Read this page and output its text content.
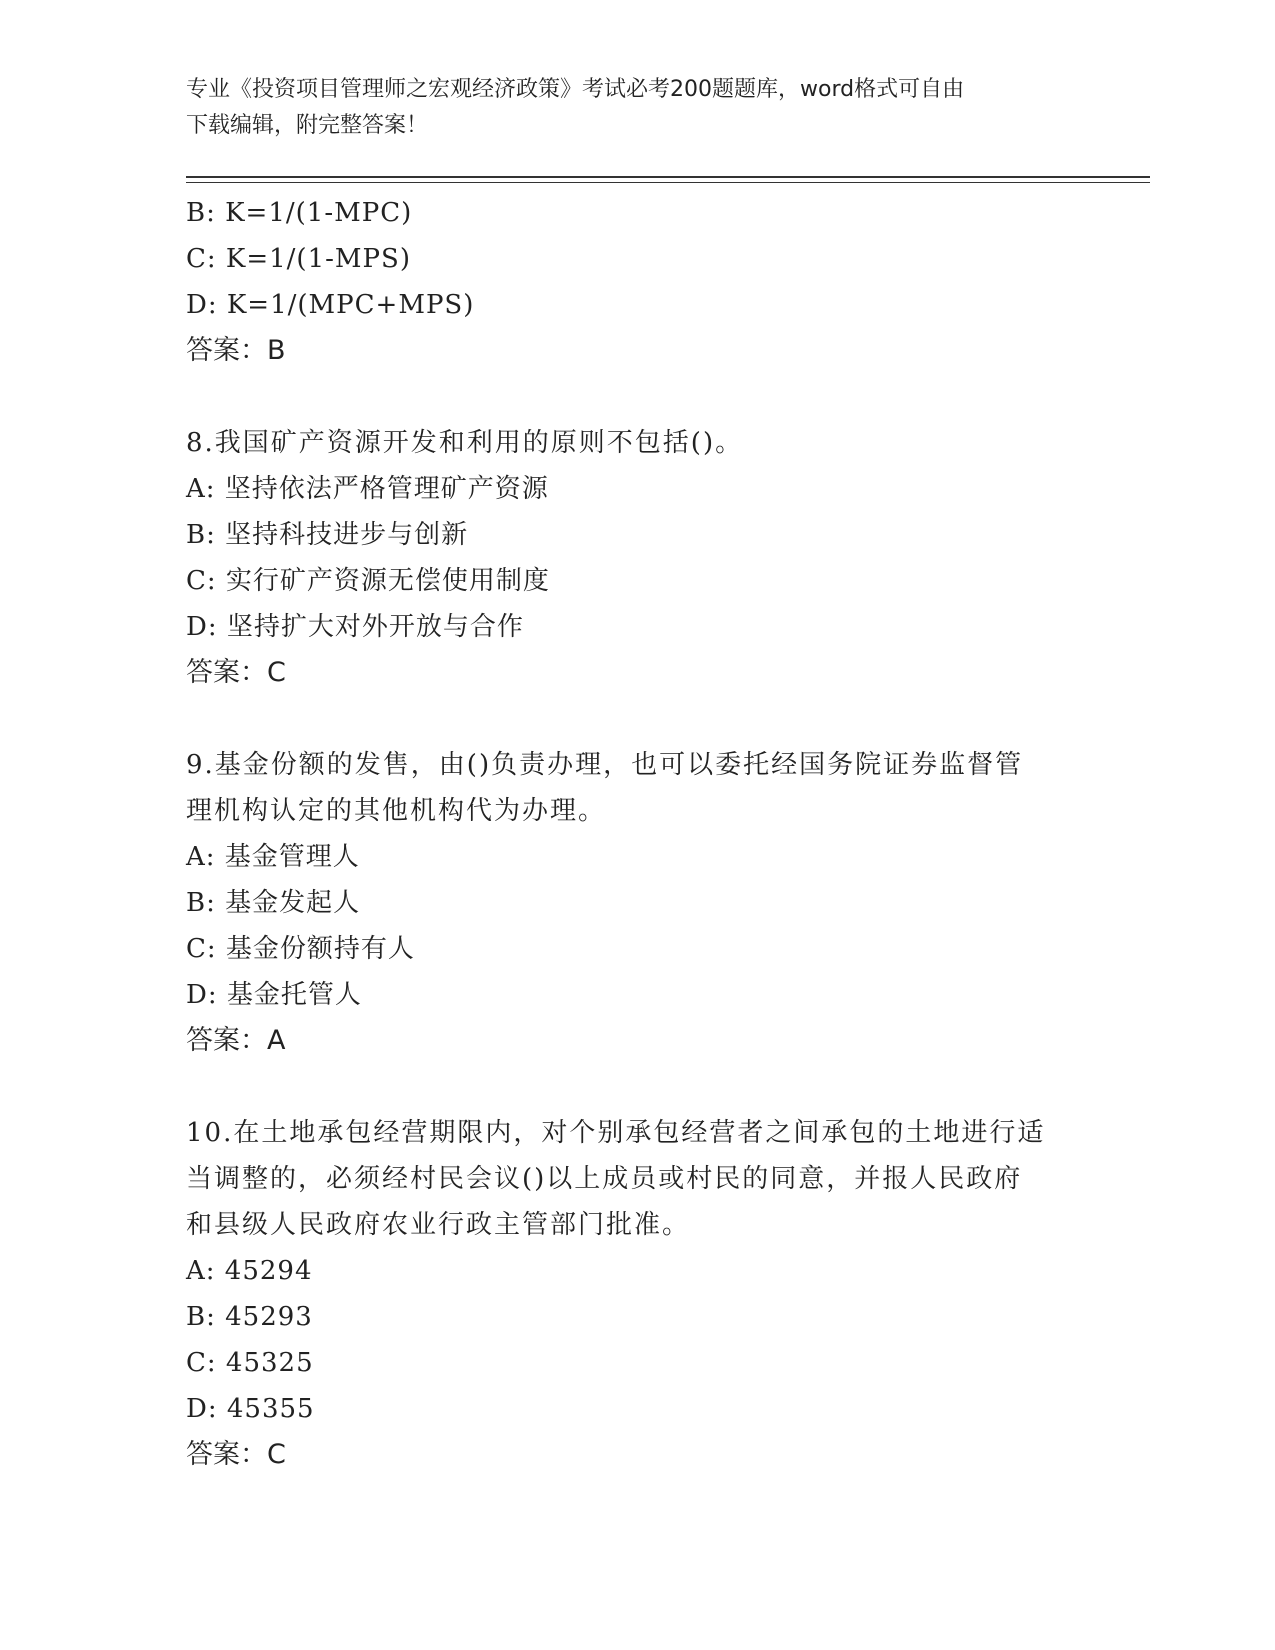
专业《投资项目管理师之宏观经济政策》考试必考200题题库，word格式可自由
下载编辑，附完整答案！
B: K=1/(1-MPC)
C: K=1/(1-MPS)
D: K=1/(MPC+MPS)
答案：B
8.我国矿产资源开发和利用的原则不包括()。
A: 坚持依法严格管理矿产资源
B: 坚持科技进步与创新
C: 实行矿产资源无偿使用制度
D: 坚持扩大对外开放与合作
答案：C
9.基金份额的发售，由()负责办理，也可以委托经国务院证券监督管
理机构认定的其他机构代为办理。
A: 基金管理人
B: 基金发起人
C: 基金份额持有人
D: 基金托管人
答案：A
10.在土地承包经营期限内，对个别承包经营者之间承包的土地进行适
当调整的，必须经村民会议()以上成员或村民的同意，并报人民政府
和县级人民政府农业行政主管部门批准。
A: 45294
B: 45293
C: 45325
D: 45355
答案：C
